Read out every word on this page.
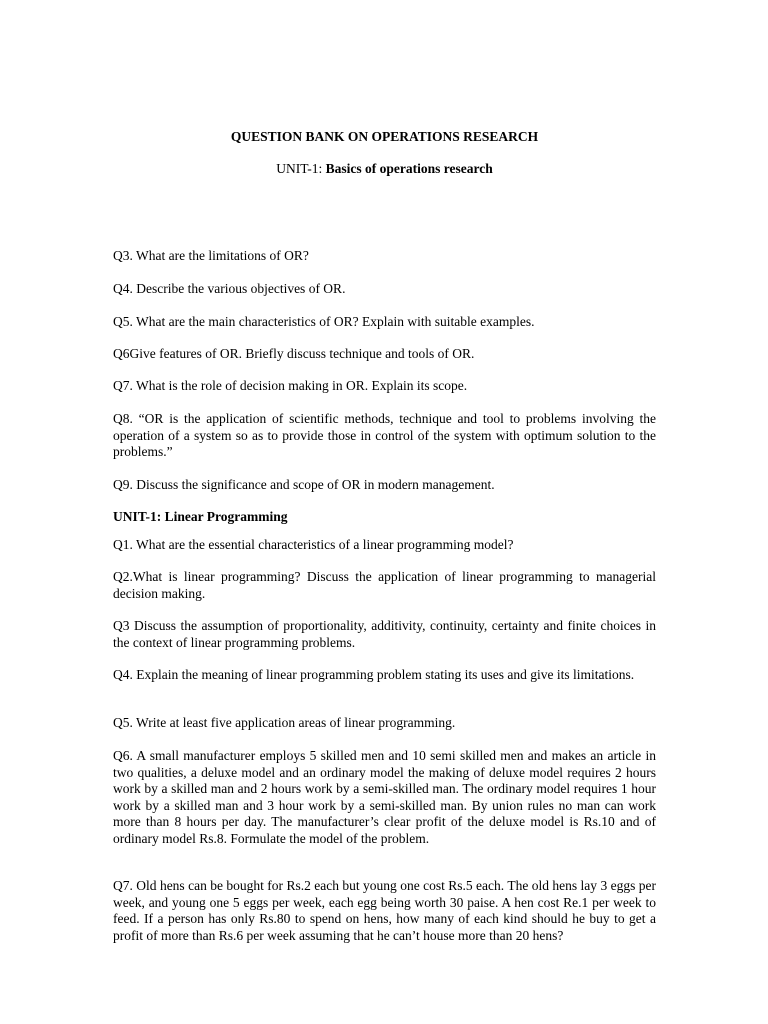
QUESTION BANK ON OPERATIONS RESEARCH
UNIT-1: Basics of operations research

Q3. What are the limitations of OR?

Q4. Describe the various objectives of OR.

Q5. What are the main characteristics of OR? Explain with suitable examples.

Q6Give features of OR. Briefly discuss technique and tools of OR.

Q7. What is the role of decision making in OR. Explain its scope.

Q8. “OR is the application of scientific methods, technique and tool to problems involving the operation of a system so as to provide those in control of the system with optimum solution to the problems.”

Q9. Discuss the significance and scope of OR in modern management.

UNIT-1: Linear Programming

Q1. What are the essential characteristics of a linear programming model?

Q2.What is linear programming? Discuss the application of linear programming to managerial decision making.

Q3 Discuss the assumption of proportionality, additivity, continuity, certainty and finite choices in the context of linear programming problems.

Q4. Explain the meaning of linear programming problem stating its uses and give its limitations.

Q5. Write at least five application areas of linear programming.

Q6. A small manufacturer employs 5 skilled men and 10 semi skilled men and makes an article in two qualities, a deluxe model and an ordinary model the making of deluxe model requires 2 hours work by a skilled man and 2 hours work by a semi-skilled man. The ordinary model requires 1 hour work by a skilled man and 3 hour work by a semi-skilled man. By union rules no man can work more than 8 hours per day. The manufacturer’s clear profit of the deluxe model is Rs.10 and of ordinary model Rs.8. Formulate the model of the problem.

Q7. Old hens can be bought for Rs.2 each but young one cost Rs.5 each. The old hens lay 3 eggs per week, and young one 5 eggs per week, each egg being worth 30 paise. A hen cost Re.1 per week to feed. If a person has only Rs.80 to spend on hens, how many of each kind should he buy to get a profit of more than Rs.6 per week assuming that he can’t house more than 20 hens?
